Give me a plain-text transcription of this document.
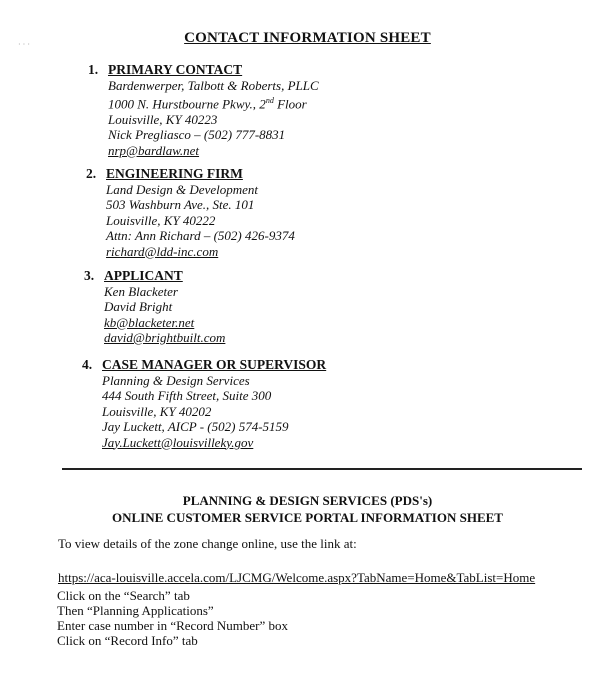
· · ·	CONTACT INFORMATION SHEET
1. PRIMARY CONTACT
Bardenwerper, Talbott & Roberts, PLLC
1000 N. Hurstbourne Pkwy., 2nd Floor
Louisville, KY 40223
Nick Pregliasco – (502) 777-8831
nrp@bardlaw.net
2. ENGINEERING FIRM
Land Design & Development
503 Washburn Ave., Ste. 101
Louisville, KY 40222
Attn: Ann Richard – (502) 426-9374
richard@ldd-inc.com
3. APPLICANT
Ken Blacketer
David Bright
kb@blacketer.net
david@brightbuilt.com
4. CASE MANAGER OR SUPERVISOR
Planning & Design Services
444 South Fifth Street, Suite 300
Louisville, KY 40202
Jay Luckett, AICP - (502) 574-5159
Jay.Luckett@louisvilleky.gov
PLANNING & DESIGN SERVICES (PDS's)
ONLINE CUSTOMER SERVICE PORTAL INFORMATION SHEET
To view details of the zone change online, use the link at:
https://aca-louisville.accela.com/LJCMG/Welcome.aspx?TabName=Home&TabList=Home
Click on the “Search” tab
Then “Planning Applications”
Enter case number in “Record Number” box
Click on “Record Info” tab
